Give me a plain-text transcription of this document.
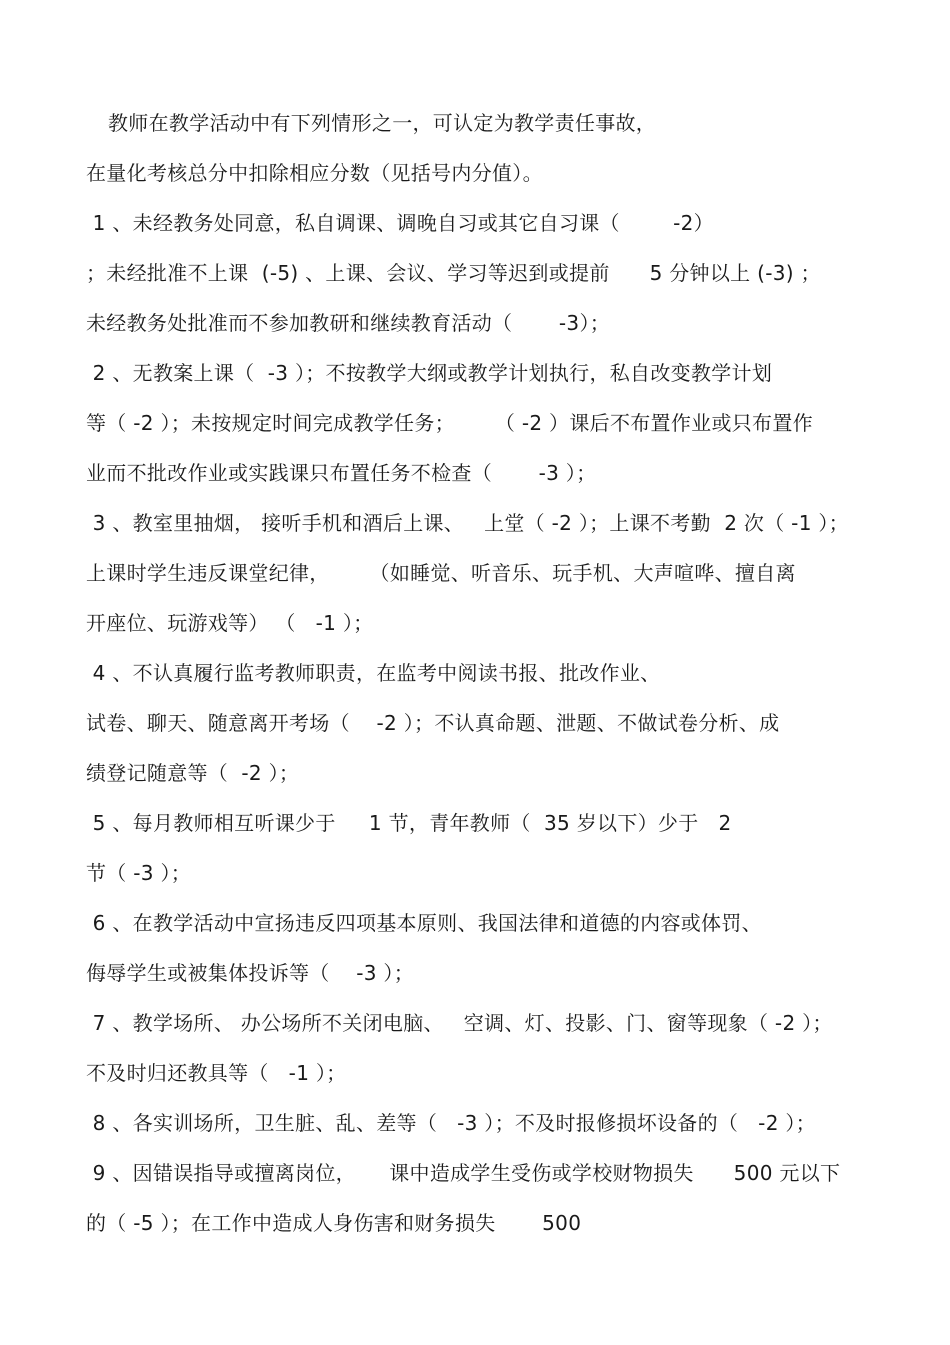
教师在教学活动中有下列情形之一，可认定为教学责任事故，
在量化考核总分中扣除相应分数（见括号内分值）。
1 、未经教务处同意，私自调课、调晚自习或其它自习课（        -2）
；未经批准不上课  (-5) 、上课、会议、学习等迟到或提前      5 分钟以上 (-3) ；
未经教务处批准而不参加教研和继续教育活动（       -3）；
2 、无教案上课（  -3 ）；不按教学大纲或教学计划执行，私自改变教学计划
等（ -2 ）；未按规定时间完成教学任务；      （ -2 ）课后不布置作业或只布置作
业而不批改作业或实践课只布置任务不检查（       -3 ）；
3 、教室里抽烟， 接听手机和酒后上课、   上堂（ -2 ）；上课不考勤  2 次（ -1 ）；
上课时学生违反课堂纪律，      （如睡觉、听音乐、玩手机、大声喧哗、擅自离
开座位、玩游戏等） （   -1 ）；
4 、不认真履行监考教师职责，在监考中阅读书报、批改作业、
试卷、聊天、随意离开考场（    -2 ）；不认真命题、泄题、不做试卷分析、成
绩登记随意等（  -2 ）；
5 、每月教师相互听课少于     1 节，青年教师（  35 岁以下）少于   2
节（ -3 ）；
6 、在教学活动中宣扬违反四项基本原则、我国法律和道德的内容或体罚、
侮辱学生或被集体投诉等（    -3 ）；
7 、教学场所、 办公场所不关闭电脑、   空调、灯、投影、门、窗等现象（ -2 ）；
不及时归还教具等（   -1 ）；
8 、各实训场所，卫生脏、乱、差等（   -3 ）；不及时报修损坏设备的（   -2 ）；
9 、因错误指导或擅离岗位，     课中造成学生受伤或学校财物损失      500 元以下
的（ -5 ）；在工作中造成人身伤害和财务损失       500
